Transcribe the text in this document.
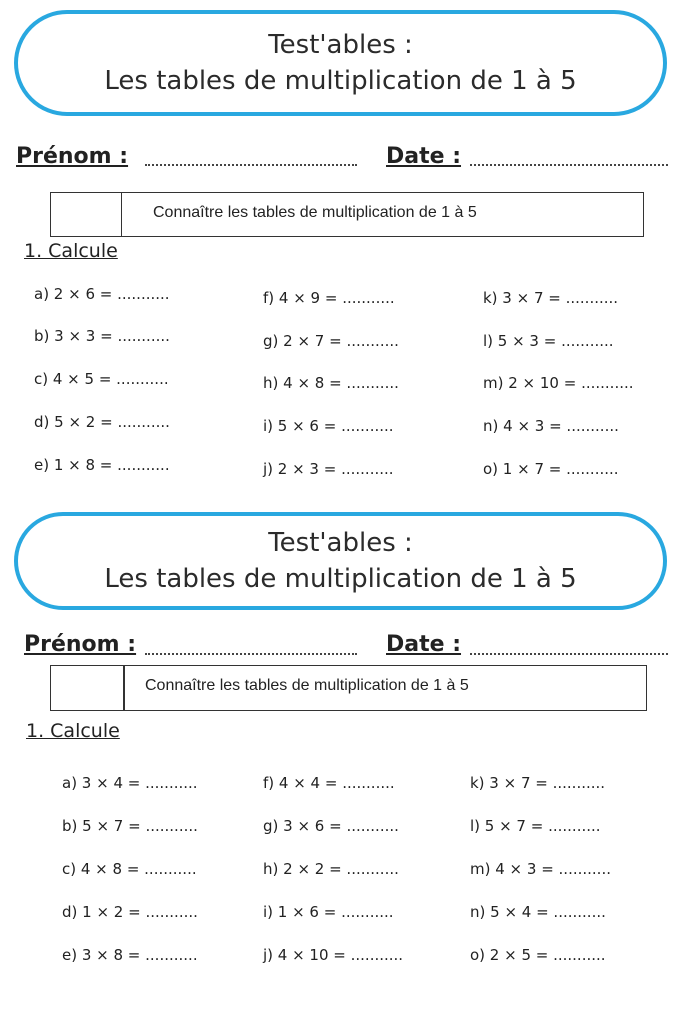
Test'ables :
Les tables de multiplication de 1 à 5
Prénom :	Date :
Connaître les tables de multiplication de 1 à 5
1. Calcule
a) 2 × 6 = ...........
b) 3 × 3 = ...........
c) 4 × 5 = ...........
d) 5 × 2 = ...........
e) 1 × 8 = ...........
f) 4 × 9 = ...........
g) 2 × 7 = ...........
h) 4 × 8 = ...........
i) 5 × 6 = ...........
j) 2 × 3 = ...........
k) 3 × 7 = ...........
l) 5 × 3 = ...........
m) 2 × 10 = ...........
n) 4 × 3 = ...........
o) 1 × 7 = ...........
Test'ables :
Les tables de multiplication de 1 à 5
Prénom :	Date :
Connaître les tables de multiplication de 1 à 5
1. Calcule
a) 3 × 4 = ...........
b) 5 × 7 = ...........
c) 4 × 8 = ...........
d) 1 × 2 = ...........
e) 3 × 8 = ...........
f) 4 × 4 = ...........
g) 3 × 6 = ...........
h) 2 × 2 = ...........
i) 1 × 6 = ...........
j) 4 × 10 = ...........
k) 3 × 7 = ...........
l) 5 × 7 = ...........
m) 4 × 3 = ...........
n) 5 × 4 = ...........
o) 2 × 5 = ...........
